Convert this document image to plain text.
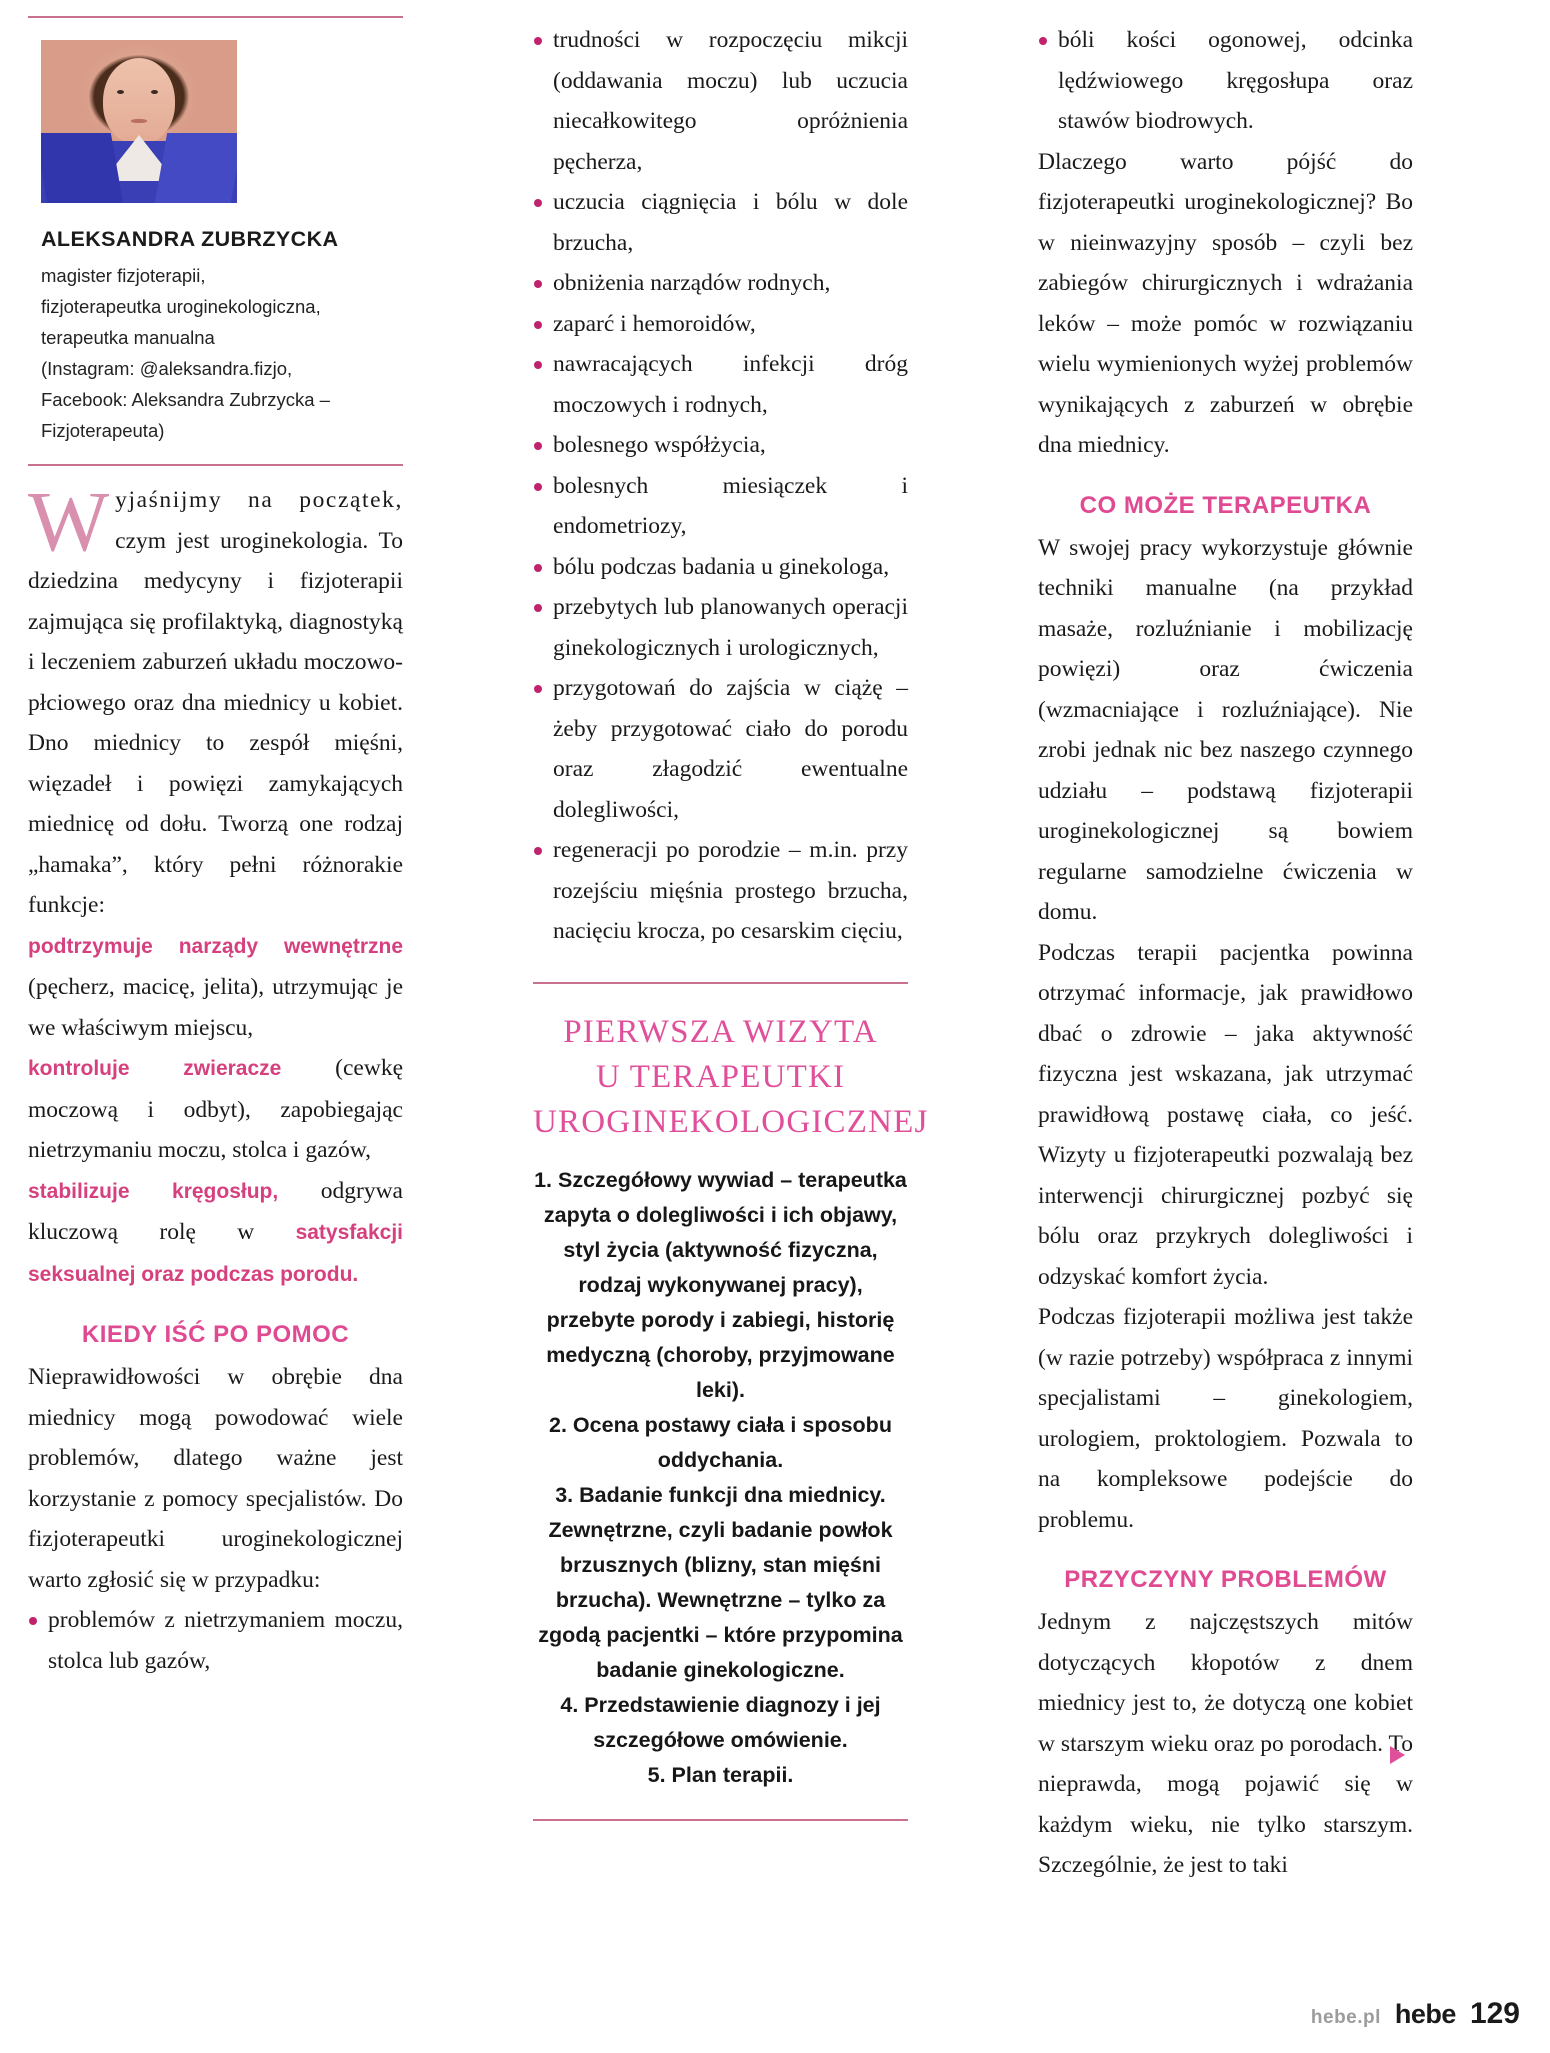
ALEKSANDRA ZUBRZYCKA
magister fizjoterapii,
fizjoterapeutka uroginekologiczna,
terapeutka manualna
(Instagram: @aleksandra.fizjo,
Facebook: Aleksandra Zubrzycka –
Fizjoterapeuta)

Wyjaśnijmy na początek, czym jest uroginekologia. To dziedzina medycyny i fizjoterapii zajmująca się profilaktyką, diagnostyką i leczeniem zaburzeń układu moczowo-płciowego oraz dna miednicy u kobiet. Dno miednicy to zespół mięśni, więzadeł i powięzi zamykających miednicę od dołu. Tworzą one rodzaj „hamaka”, który pełni różnorakie funkcje:

podtrzymuje narządy wewnętrzne (pęcherz, macicę, jelita), utrzymując je we właściwym miejscu,

kontroluje zwieracze (cewkę moczową i odbyt), zapobiegając nietrzymaniu moczu, stolca i gazów,

stabilizuje kręgosłup, odgrywa kluczową rolę w satysfakcji seksualnej oraz podczas porodu.

KIEDY IŚĆ PO POMOC

Nieprawidłowości w obrębie dna miednicy mogą powodować wiele problemów, dlatego ważne jest korzystanie z pomocy specjalistów. Do fizjoterapeutki uroginekologicznej warto zgłosić się w przypadku:

problemów z nietrzymaniem moczu, stolca lub gazów,
trudności w rozpoczęciu mikcji (oddawania moczu) lub uczucia niecałkowitego opróżnienia pęcherza,
uczucia ciągnięcia i bólu w dole brzucha,
obniżenia narządów rodnych,
zaparć i hemoroidów,
nawracających infekcji dróg moczowych i rodnych,
bolesnego współżycia,
bolesnych miesiączek i endometriozy,
bólu podczas badania u ginekologa,
przebytych lub planowanych operacji ginekologicznych i urologicznych,
przygotowań do zajścia w ciążę – żeby przygotować ciało do porodu oraz złagodzić ewentualne dolegliwości,
regeneracji po porodzie – m.in. przy rozejściu mięśnia prostego brzucha, nacięciu krocza, po cesarskim cięciu,
PIERWSZA WIZYTA
U TERAPEUTKI
UROGINEKOLOGICZNEJ
1. Szczegółowy wywiad – terapeutka zapyta o dolegliwości i ich objawy, styl życia (aktywność fizyczna, rodzaj wykonywanej pracy), przebyte porody i zabiegi, historię medyczną (choroby, przyjmowane leki).
2. Ocena postawy ciała i sposobu oddychania.
3. Badanie funkcji dna miednicy. Zewnętrzne, czyli badanie powłok brzusznych (blizny, stan mięśni brzucha). Wewnętrzne – tylko za zgodą pacjentki – które przypomina badanie ginekologiczne.
4. Przedstawienie diagnozy i jej szczegółowe omówienie.
5. Plan terapii.
bóli kości ogonowej, odcinka lędźwiowego kręgosłupa oraz stawów biodrowych.

Dlaczego warto pójść do fizjoterapeutki uroginekologicznej? Bo w nieinwazyjny sposób – czyli bez zabiegów chirurgicznych i wdrażania leków – może pomóc w rozwiązaniu wielu wymienionych wyżej problemów wynikających z zaburzeń w obrębie dna miednicy.

CO MOŻE TERAPEUTKA

W swojej pracy wykorzystuje głównie techniki manualne (na przykład masaże, rozluźnianie i mobilizację powięzi) oraz ćwiczenia (wzmacniające i rozluźniające). Nie zrobi jednak nic bez naszego czynnego udziału – podstawą fizjoterapii uroginekologicznej są bowiem regularne samodzielne ćwiczenia w domu.

Podczas terapii pacjentka powinna otrzymać informacje, jak prawidłowo dbać o zdrowie – jaka aktywność fizyczna jest wskazana, jak utrzymać prawidłową postawę ciała, co jeść. Wizyty u fizjoterapeutki pozwalają bez interwencji chirurgicznej pozbyć się bólu oraz przykrych dolegliwości i odzyskać komfort życia.

Podczas fizjoterapii możliwa jest także (w razie potrzeby) współpraca z innymi specjalistami – ginekologiem, urologiem, proktologiem. Pozwala to na kompleksowe podejście do problemu.

PRZYCZYNY PROBLEMÓW

Jednym z najczęstszych mitów dotyczących kłopotów z dnem miednicy jest to, że dotyczą one kobiet w starszym wieku oraz po porodach. To nieprawda, mogą pojawić się w każdym wieku, nie tylko starszym. Szczególnie, że jest to taki

hebe.pl hebe 129
